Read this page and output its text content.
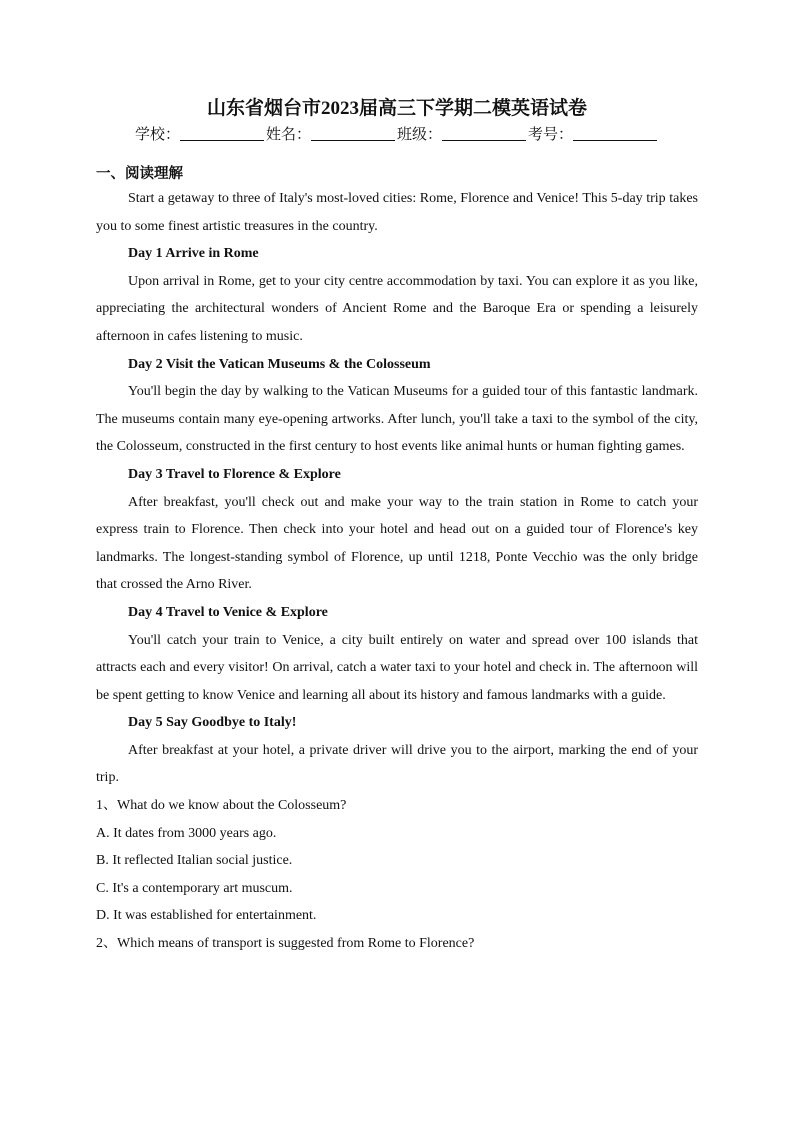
山东省烟台市2023届高三下学期二模英语试卷
学校：	姓名：	班级：	考号：
一、阅读理解

Start a getaway to three of Italy's most-loved cities: Rome, Florence and Venice! This 5-day trip takes you to some finest artistic treasures in the country.

Day 1 Arrive in Rome

Upon arrival in Rome, get to your city centre accommodation by taxi. You can explore it as you like, appreciating the architectural wonders of Ancient Rome and the Baroque Era or spending a leisurely afternoon in cafes listening to music.

Day 2 Visit the Vatican Museums & the Colosseum

You'll begin the day by walking to the Vatican Museums for a guided tour of this fantastic landmark. The museums contain many eye-opening artworks. After lunch, you'll take a taxi to the symbol of the city, the Colosseum, constructed in the first century to host events like animal hunts or human fighting games.

Day 3 Travel to Florence & Explore

After breakfast, you'll check out and make your way to the train station in Rome to catch your express train to Florence. Then check into your hotel and head out on a guided tour of Florence's key landmarks. The longest-standing symbol of Florence, up until 1218, Ponte Vecchio was the only bridge that crossed the Arno River.

Day 4 Travel to Venice & Explore

You'll catch your train to Venice, a city built entirely on water and spread over 100 islands that attracts each and every visitor! On arrival, catch a water taxi to your hotel and check in. The afternoon will be spent getting to know Venice and learning all about its history and famous landmarks with a guide.

Day 5 Say Goodbye to Italy!

After breakfast at your hotel, a private driver will drive you to the airport, marking the end of your trip.

1、What do we know about the Colosseum?

A. It dates from 3000 years ago.

B. It reflected Italian social justice.

C. It's a contemporary art muscum.

D. It was established for entertainment.

2、Which means of transport is suggested from Rome to Florence?
